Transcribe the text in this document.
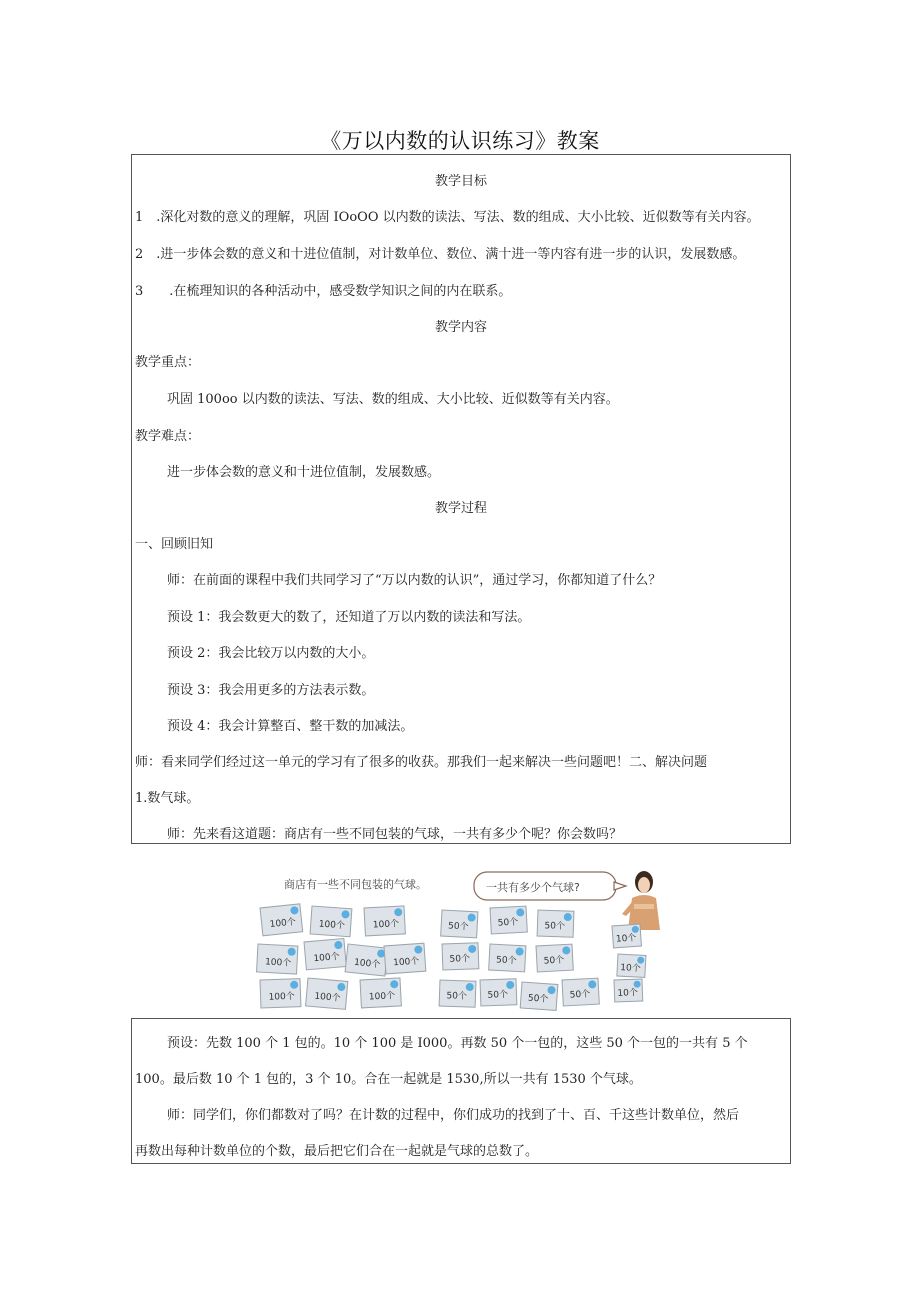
《万以内数的认识练习》教案
教学目标
1　.深化对数的意义的理解，巩固 IOoOO 以内数的读法、写法、数的组成、大小比较、近似数等有关内容。
2　.进一步体会数的意义和十进位值制，对计数单位、数位、满十进一等内容有进一步的认识，发展数感。
3　　.在梳理知识的各种活动中，感受数学知识之间的内在联系。
教学内容
教学重点：
巩固 100oo 以内数的读法、写法、数的组成、大小比较、近似数等有关内容。
教学难点：
进一步体会数的意义和十进位值制，发展数感。
教学过程
一、回顾旧知
师：在前面的课程中我们共同学习了“万以内数的认识”，通过学习，你都知道了什么？
预设 1：我会数更大的数了，还知道了万以内数的读法和写法。
预设 2：我会比较万以内数的大小。
预设 3：我会用更多的方法表示数。
预设 4：我会计算整百、整干数的加减法。
师：看来同学们经过这一单元的学习有了很多的收获。那我们一起来解决一些问题吧！二、解决问题
1.数气球。
师：先来看这道题：商店有一些不同包装的气球，一共有多少个呢？你会数吗？
商店有一些不同包装的气球。	一共有多少个气球?
100个 100个	100个
100个 100个 100个 100个
100个 100个	100个
50个	50个	50个
50个	50个	50个
50个 50个 50个 50个
10个
10个
10个
预设：先数 100 个 1 包的。10 个 100 是 I000。再数 50 个一包的，这些 50 个一包的一共有 5 个
100。最后数 10 个 1 包的，3 个 10。合在一起就是 1530,所以一共有 1530 个气球。
师：同学们，你们都数对了吗？在计数的过程中，你们成功的找到了十、百、千这些计数单位，然后
再数出每种计数单位的个数，最后把它们合在一起就是气球的总数了。
